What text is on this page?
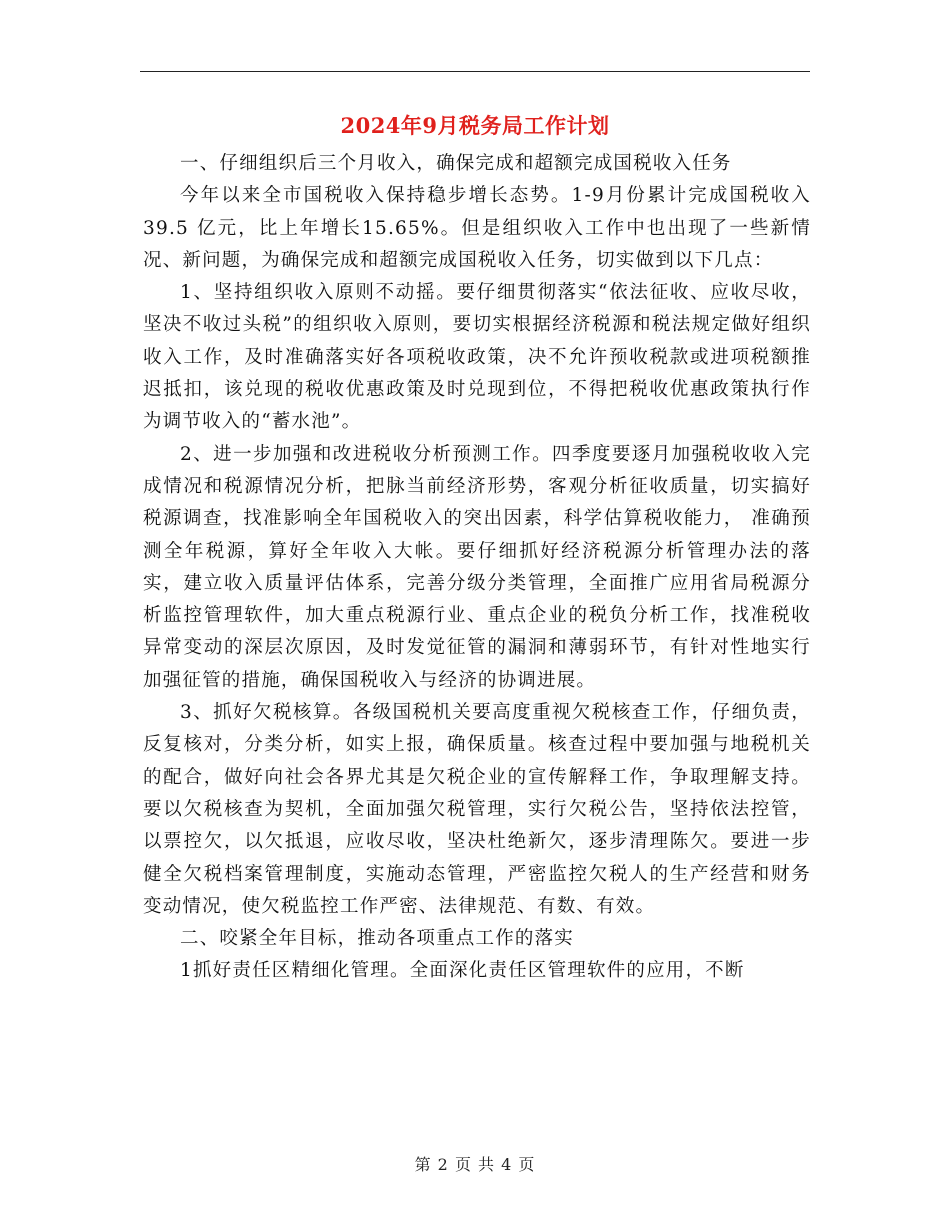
2024年9月税务局工作计划

一、仔细组织后三个月收入，确保完成和超额完成国税收入任务

今年以来全市国税收入保持稳步增长态势。1-9月份累计完成国税收入39.5 亿元，比上年增长15.65%。但是组织收入工作中也出现了一些新情况、新问题，为确保完成和超额完成国税收入任务，切实做到以下几点：

1、坚持组织收入原则不动摇。要仔细贯彻落实“依法征收、应收尽收，坚决不收过头税”的组织收入原则，要切实根据经济税源和税法规定做好组织收入工作，及时准确落实好各项税收政策，决不允许预收税款或进项税额推迟抵扣，该兑现的税收优惠政策及时兑现到位，不得把税收优惠政策执行作为调节收入的“蓄水池”。

2、进一步加强和改进税收分析预测工作。四季度要逐月加强税收收入完成情况和税源情况分析，把脉当前经济形势，客观分析征收质量，切实搞好税源调查，找准影响全年国税收入的突出因素，科学估算税收能力， 准确预测全年税源，算好全年收入大帐。要仔细抓好经济税源分析管理办法的落实，建立收入质量评估体系，完善分级分类管理，全面推广应用省局税源分析监控管理软件，加大重点税源行业、重点企业的税负分析工作，找准税收异常变动的深层次原因，及时发觉征管的漏洞和薄弱环节，有针对性地实行加强征管的措施，确保国税收入与经济的协调进展。

3、抓好欠税核算。各级国税机关要高度重视欠税核查工作，仔细负责，反复核对，分类分析，如实上报，确保质量。核查过程中要加强与地税机关的配合，做好向社会各界尤其是欠税企业的宣传解释工作，争取理解支持。要以欠税核查为契机，全面加强欠税管理，实行欠税公告，坚持依法控管，以票控欠，以欠抵退，应收尽收，坚决杜绝新欠，逐步清理陈欠。要进一步健全欠税档案管理制度，实施动态管理，严密监控欠税人的生产经营和财务变动情况，使欠税监控工作严密、法律规范、有数、有效。

二、咬紧全年目标，推动各项重点工作的落实

1抓好责任区精细化管理。全面深化责任区管理软件的应用，不断

第 2 页 共 4 页
